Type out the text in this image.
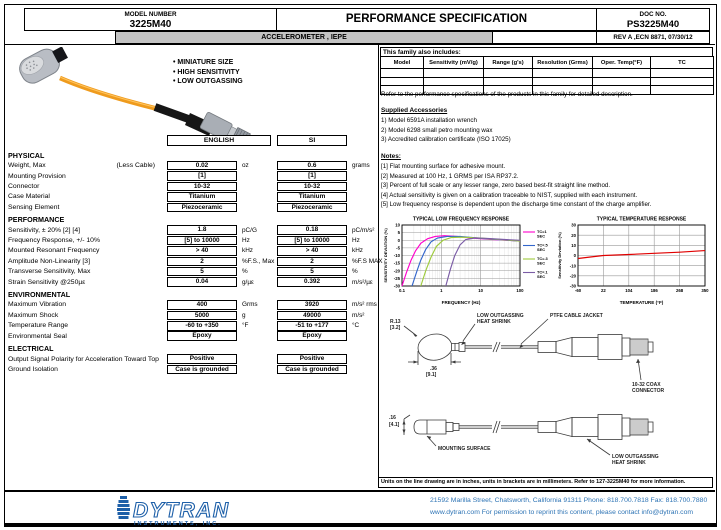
MODEL NUMBER
3225M40	PERFORMANCE SPECIFICATION	DOC NO.
PS3225M40
ACCELEROMETER , IEPE	REV A ,ECN 8871, 07/30/12
• MINIATURE SIZE
• HIGH SENSITIVITY
• LOW OUTGASSING
ENGLISH	SI
PHYSICAL
Weight, Max	(Less Cable)	0.02	oz	0.6	grams
Mounting Provision	[1]	[1]
Connector	10-32	10-32
Case Material	Titanium	Titanium
Sensing Element	Piezoceramic	Piezoceramic
PERFORMANCE
Sensitivity, ± 20% [2] [4]	1.8	pC/G	0.18	pC/m/s²
Frequency Response, +/- 10%	[5] to 10000	Hz	[5] to 10000	Hz
Mounted Resonant Frequency	> 40	kHz	> 40	kHz
Amplitude Non-Linearity [3]	2	%F.S., Max	2	%F.S MAX
Transverse Sensitivity, Max	5	%	5	%
Strain Sensitivity @250µε	0.04	g/µε	0.392	m/s²/µε
ENVIRONMENTAL
Maximum Vibration	400	Grms	3920	m/s² rms
Maximum Shock	5000	g	49000	m/s²
Temperature Range	-60 to +350	°F	-51 to +177	°C
Environmental Seal	Epoxy	Epoxy
ELECTRICAL
Output Signal Polarity for Acceleration Toward Top	Positive	Positive
Ground Isolation	Case is grounded	Case is grounded
This family also includes:
Model	Sensitivity (mV/g)	Range (g's)	Resolution (Grms)	Oper. Temp(°F)	TC

Refer to the performance specifications of the products in this family for detailed description.
Supplied Accessories
1) Model 6591A installation wrench
2) Model 6298 small petro mounting wax
3) Accredited calibration certificate (ISO 17025)
Notes:
[1] Flat mounting surface for adhesive mount.
[2] Measured at 100 Hz, 1 GRMS per ISA RP37.2.
[3] Percent of full scale or any lesser range, zero based best-fit straight line method.
[4] Actual sensitivity is given on a calibration traceable to NIST, supplied with each instrument.
[5] Low frequency response is dependent upon the discharge time constant of the charge amplifier.
0.1	1	10	100
10
5
0
-5
-10
-15
-20
-25
-30
TYPICAL LOW FREQUENCY RESPONSE
FREQUENCY (Hz)
SENSITIVITY DEVIATION (%)	TC=1
SEC
TC=.5
SEC
TC=.3
SEC
TC=.1
SEC
-60	22	104	186	268	350
30
20
10
0
-10
-20
-30
TYPICAL TEMPERATURE RESPONSE
TEMPERATURE (°F)
Sensitivity Deviation (%)
R.13
[3.2]
.36
[9.1]
LOW OUTGASSING
HEAT SHRINK
PTFE CABLE JACKET
10-32 COAX
CONNECTOR
.16
[4.1]
MOUNTING SURFACE
LOW OUTGASSING
HEAT SHRINK
Units on the line drawing are in inches, units in brackets are in millimeters. Refer to 127-3225M40 for more information.
DYTRAN
INSTRUMENTS, INC.
21592 Marilla Street, Chatsworth, California 91311 Phone: 818.700.7818 Fax: 818.700.7880
www.dytran.com For permission to reprint this content, please contact info@dytran.com
